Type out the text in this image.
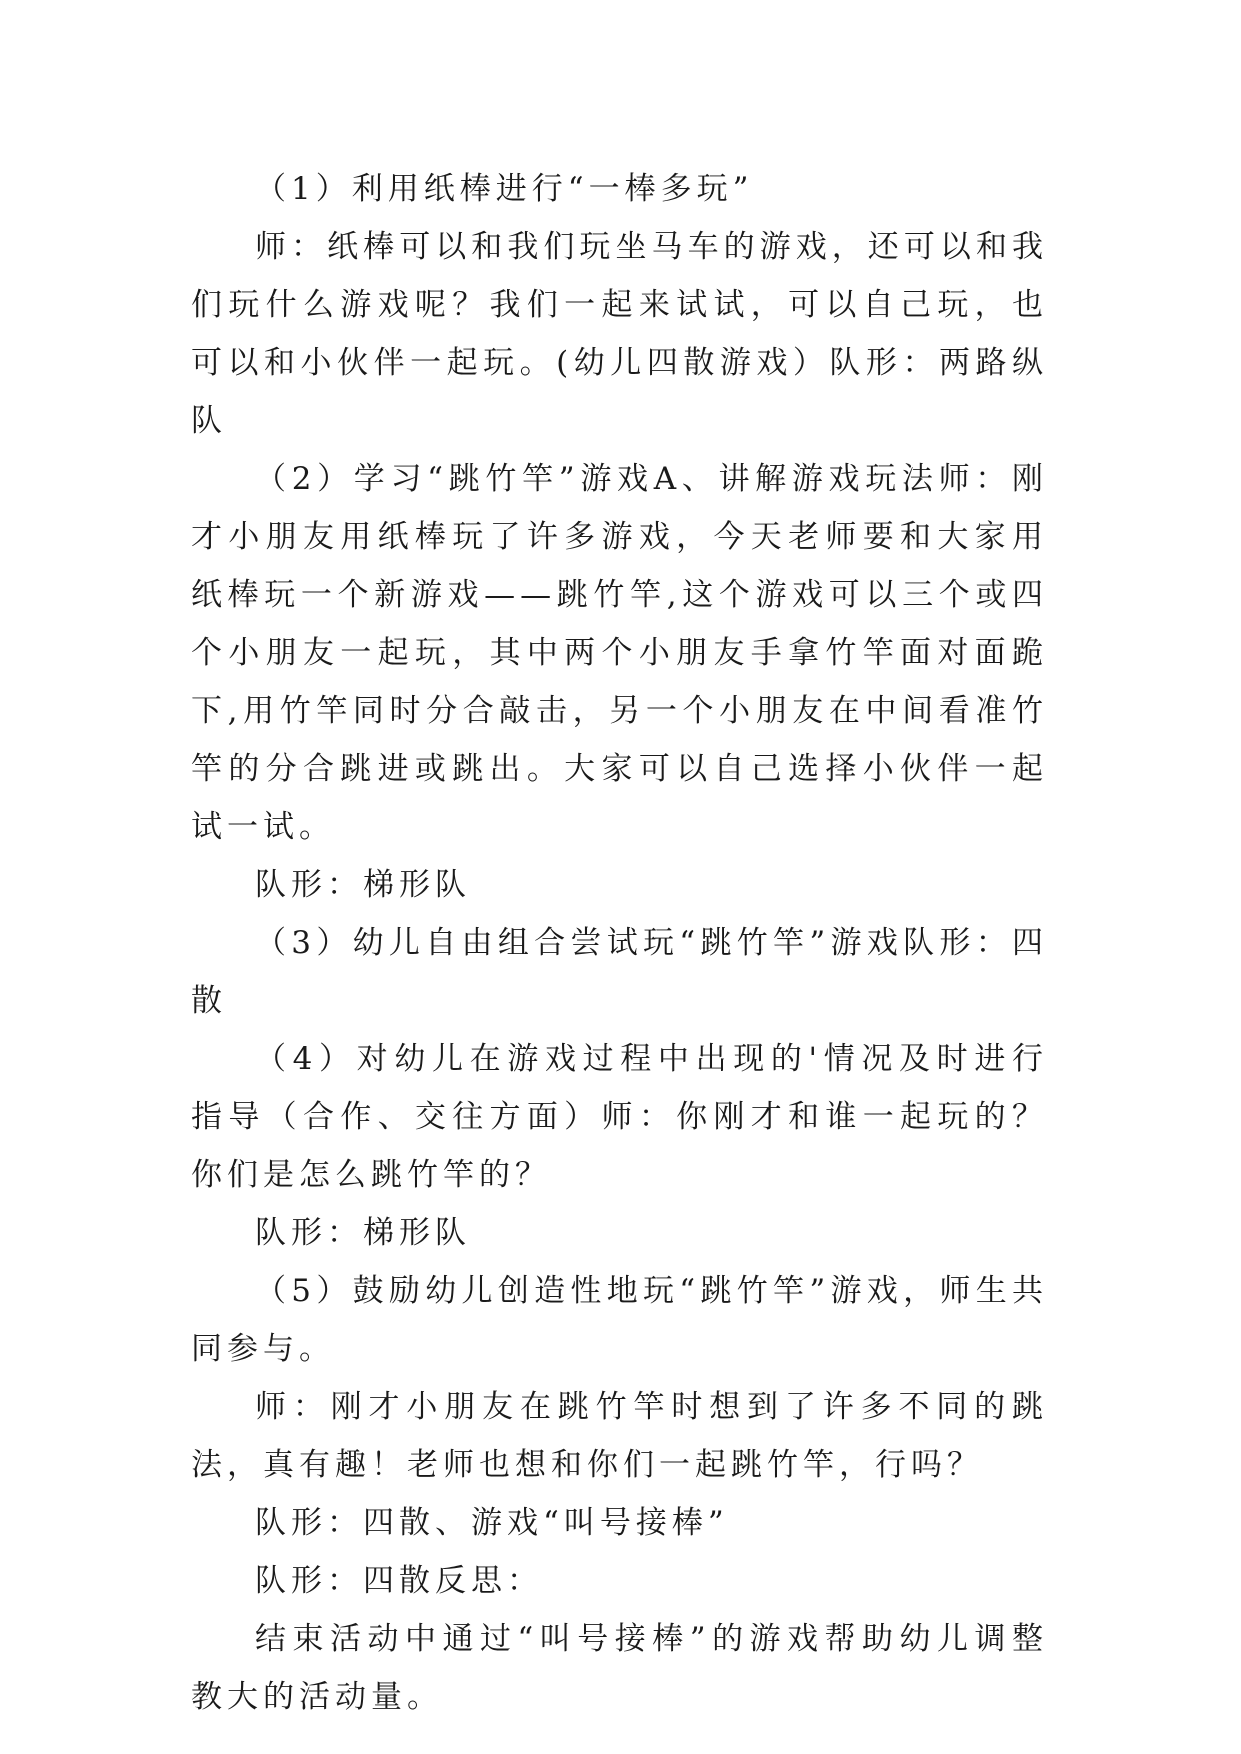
（1）利用纸棒进行“一棒多玩”

师：纸棒可以和我们玩坐马车的游戏，还可以和我们玩什么游戏呢？我们一起来试试，可以自己玩，也可以和小伙伴一起玩。(幼儿四散游戏）队形：两路纵队

（2）学习“跳竹竿”游戏A、讲解游戏玩法师：刚才小朋友用纸棒玩了许多游戏，今天老师要和大家用纸棒玩一个新游戏——跳竹竿,这个游戏可以三个或四个小朋友一起玩，其中两个小朋友手拿竹竿面对面跪下,用竹竿同时分合敲击，另一个小朋友在中间看准竹竿的分合跳进或跳出。大家可以自己选择小伙伴一起试一试。

队形：梯形队

（3）幼儿自由组合尝试玩“跳竹竿”游戏队形：四散

（4）对幼儿在游戏过程中出现的'情况及时进行指导（合作、交往方面）师：你刚才和谁一起玩的？你们是怎么跳竹竿的？

队形：梯形队

（5）鼓励幼儿创造性地玩“跳竹竿”游戏，师生共同参与。

师：刚才小朋友在跳竹竿时想到了许多不同的跳法，真有趣！老师也想和你们一起跳竹竿，行吗？

队形：四散、游戏“叫号接棒”

队形：四散反思：

结束活动中通过“叫号接棒”的游戏帮助幼儿调整教大的活动量。
